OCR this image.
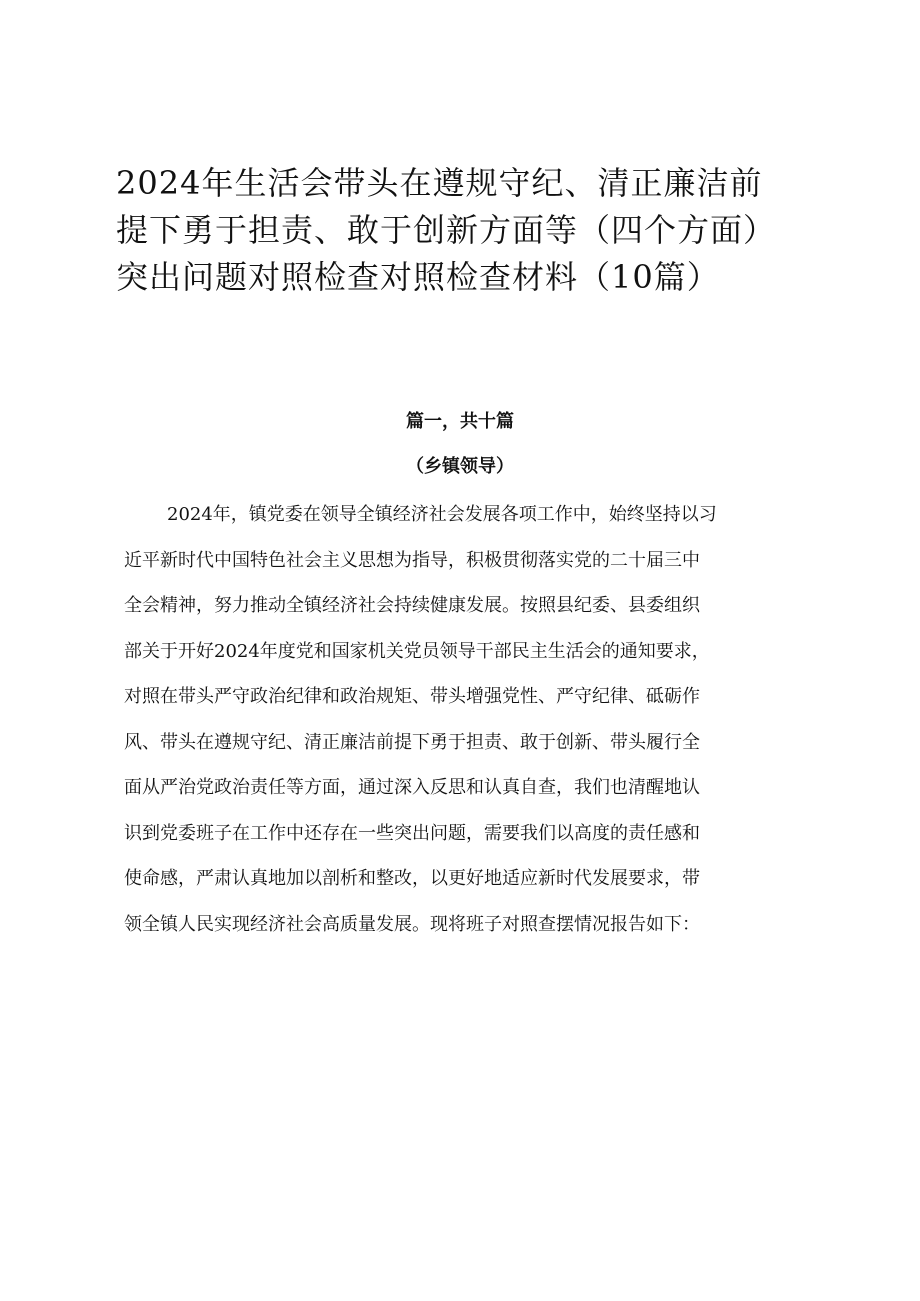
2024年生活会带头在遵规守纪、清正廉洁前
提下勇于担责、敢于创新方面等（四个方面）
突出问题对照检查对照检查材料（10篇）

篇一，共十篇

（乡镇领导）

2024年，镇党委在领导全镇经济社会发展各项工作中，始终坚持以习
近平新时代中国特色社会主义思想为指导，积极贯彻落实党的二十届三中
全会精神，努力推动全镇经济社会持续健康发展。按照县纪委、县委组织
部关于开好2024年度党和国家机关党员领导干部民主生活会的通知要求，
对照在带头严守政治纪律和政治规矩、带头增强党性、严守纪律、砥砺作
风、带头在遵规守纪、清正廉洁前提下勇于担责、敢于创新、带头履行全
面从严治党政治责任等方面，通过深入反思和认真自查，我们也清醒地认
识到党委班子在工作中还存在一些突出问题，需要我们以高度的责任感和
使命感，严肃认真地加以剖析和整改，以更好地适应新时代发展要求，带
领全镇人民实现经济社会高质量发展。现将班子对照查摆情况报告如下：
